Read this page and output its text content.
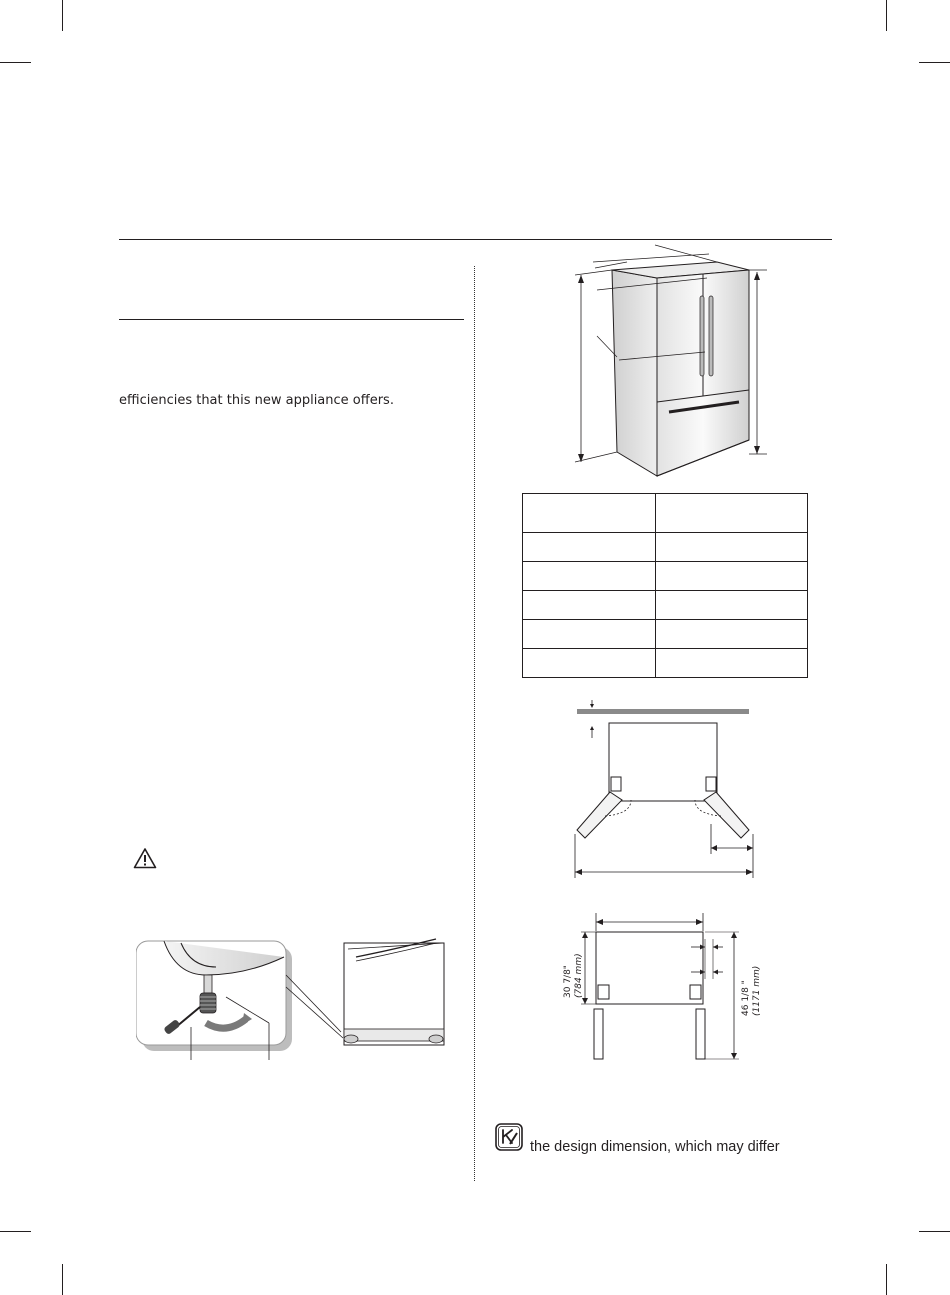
efficiencies that this new appliance offers.

30 7/8" (784 mm)
46 1/8 " (1171 mm)

the design dimension, which may differ
